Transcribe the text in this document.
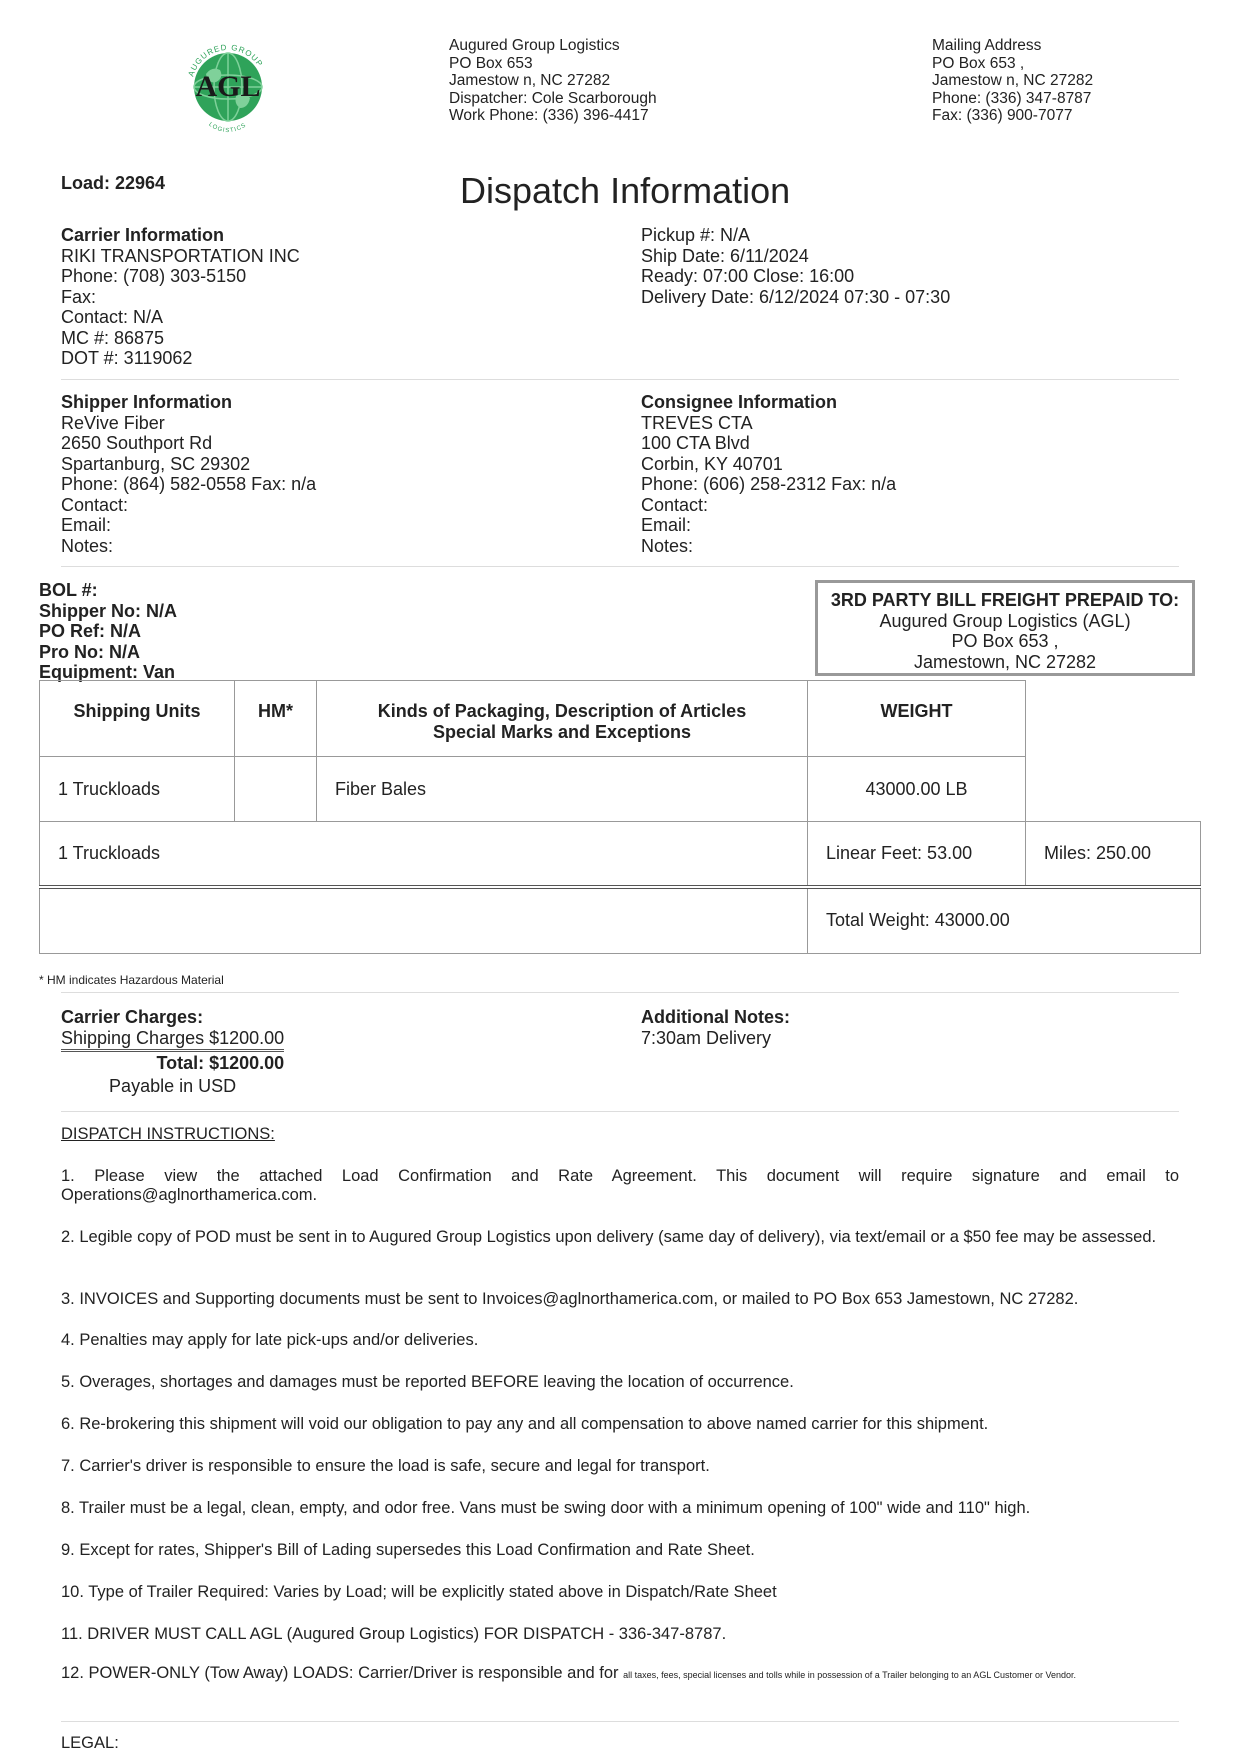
AUGURED GROUP
AGL
LOGISTICS
Augured Group Logistics
PO Box 653
Jamestow n, NC 27282
Dispatcher: Cole Scarborough
Work Phone: (336) 396-4417
Mailing Address
PO Box 653 ,
Jamestow n, NC 27282
Phone: (336) 347-8787
Fax: (336) 900-7077
Load: 22964	Dispatch Information
Carrier Information
RIKI TRANSPORTATION INC
Phone: (708) 303-5150
Fax:
Contact: N/A
MC #: 86875
DOT #: 3119062
Pickup #: N/A
Ship Date: 6/11/2024
Ready: 07:00 Close: 16:00
Delivery Date: 6/12/2024 07:30 - 07:30
Shipper Information
ReVive Fiber
2650 Southport Rd
Spartanburg, SC 29302
Phone: (864) 582-0558 Fax: n/a
Contact:
Email:
Notes:
Consignee Information
TREVES CTA
100 CTA Blvd
Corbin, KY 40701
Phone: (606) 258-2312 Fax: n/a
Contact:
Email:
Notes:
BOL #:
Shipper No: N/A
PO Ref: N/A
Pro No: N/A
Equipment: Van
3RD PARTY BILL FREIGHT PREPAID TO:
Augured Group Logistics (AGL)
PO Box 653 ,
Jamestown, NC 27282
Shipping Units	HM*	Kinds of Packaging, Description of Articles
Special Marks and Exceptions	WEIGHT	
1 Truckloads		Fiber Bales	43000.00 LB	
1 Truckloads			Linear Feet: 53.00	Miles: 250.00
			Total Weight: 43000.00	
* HM indicates Hazardous Material
Carrier Charges:
Shipping Charges $1200.00
Total: $1200.00
Payable in USD
Additional Notes:
7:30am Delivery
DISPATCH INSTRUCTIONS:
1. Please view the attached Load Confirmation and Rate Agreement. This document will require signature and email to Operations@aglnorthamerica.com.
2. Legible copy of POD must be sent in to Augured Group Logistics upon delivery (same day of delivery), via text/email or a $50 fee may be assessed.
3. INVOICES and Supporting documents must be sent to Invoices@aglnorthamerica.com, or mailed to PO Box 653 Jamestown, NC 27282.
4. Penalties may apply for late pick-ups and/or deliveries.
5. Overages, shortages and damages must be reported BEFORE leaving the location of occurrence.
6. Re-brokering this shipment will void our obligation to pay any and all compensation to above named carrier for this shipment.
7. Carrier's driver is responsible to ensure the load is safe, secure and legal for transport.
8. Trailer must be a legal, clean, empty, and odor free. Vans must be swing door with a minimum opening of 100" wide and 110" high.
9. Except for rates, Shipper's Bill of Lading supersedes this Load Confirmation and Rate Sheet.
10. Type of Trailer Required: Varies by Load; will be explicitly stated above in Dispatch/Rate Sheet
11. DRIVER MUST CALL AGL (Augured Group Logistics) FOR DISPATCH - 336-347-8787.
12. POWER-ONLY (Tow Away) LOADS: Carrier/Driver is responsible and for all taxes, fees, special licenses and tolls while in possession of a Trailer belonging to an AGL Customer or Vendor.
LEGAL:
